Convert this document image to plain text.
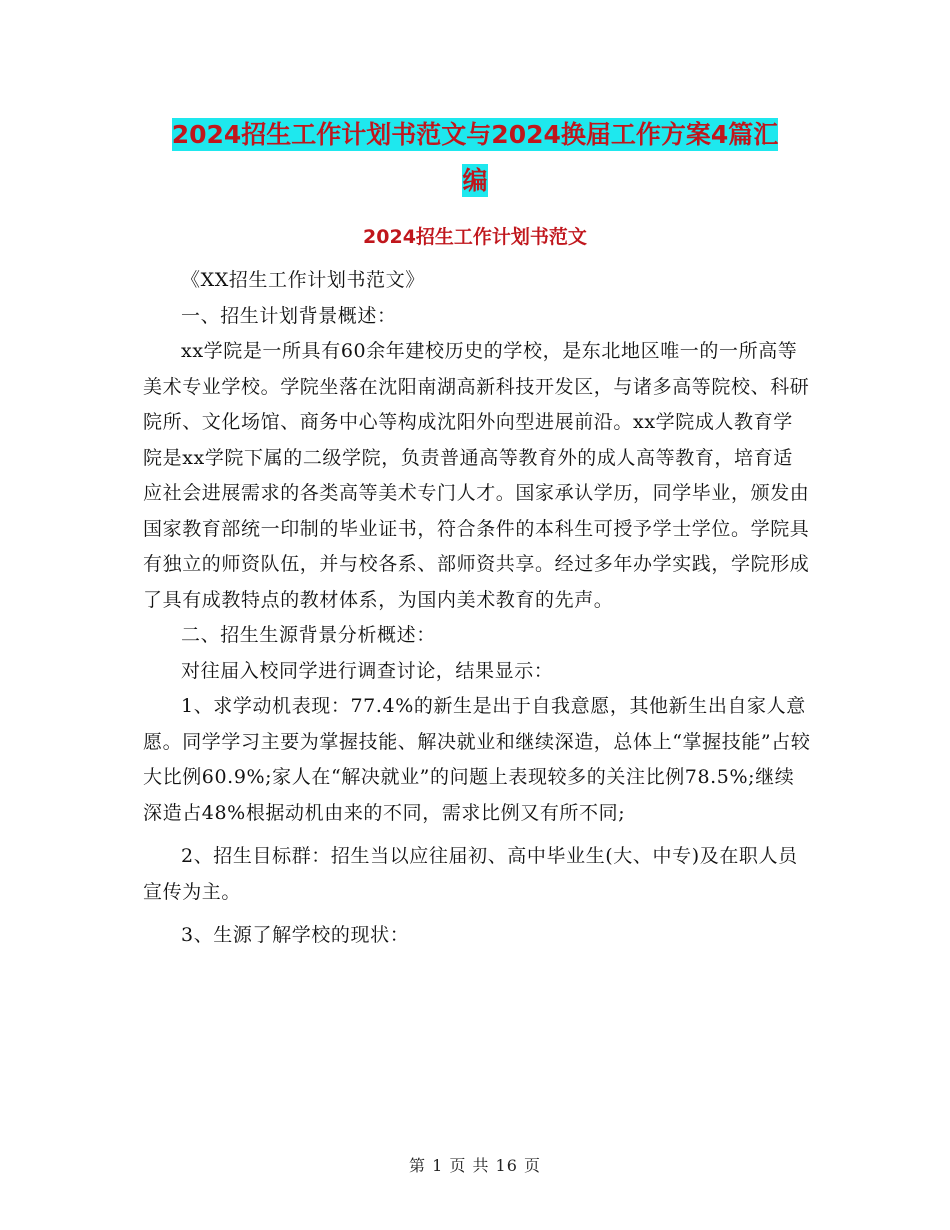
2024招生工作计划书范文与2024换届工作方案4篇汇
编
2024招生工作计划书范文

《XX招生工作计划书范文》

一、招生计划背景概述：

xx学院是一所具有60余年建校历史的学校，是东北地区唯一的一所高等美术专业学校。学院坐落在沈阳南湖高新科技开发区，与诸多高等院校、科研院所、文化场馆、商务中心等构成沈阳外向型进展前沿。xx学院成人教育学院是xx学院下属的二级学院，负责普通高等教育外的成人高等教育，培育适应社会进展需求的各类高等美术专门人才。国家承认学历，同学毕业，颁发由国家教育部统一印制的毕业证书，符合条件的本科生可授予学士学位。学院具有独立的师资队伍，并与校各系、部师资共享。经过多年办学实践，学院形成了具有成教特点的教材体系，为国内美术教育的先声。

二、招生生源背景分析概述：

对往届入校同学进行调查讨论，结果显示：

1、求学动机表现：77.4%的新生是出于自我意愿，其他新生出自家人意愿。同学学习主要为掌握技能、解决就业和继续深造，总体上“掌握技能”占较大比例60.9%;家人在“解决就业”的问题上表现较多的关注比例78.5%;继续深造占48%根据动机由来的不同，需求比例又有所不同;

2、招生目标群：招生当以应往届初、高中毕业生(大、中专)及在职人员宣传为主。

3、生源了解学校的现状：

第 1 页 共 16 页
